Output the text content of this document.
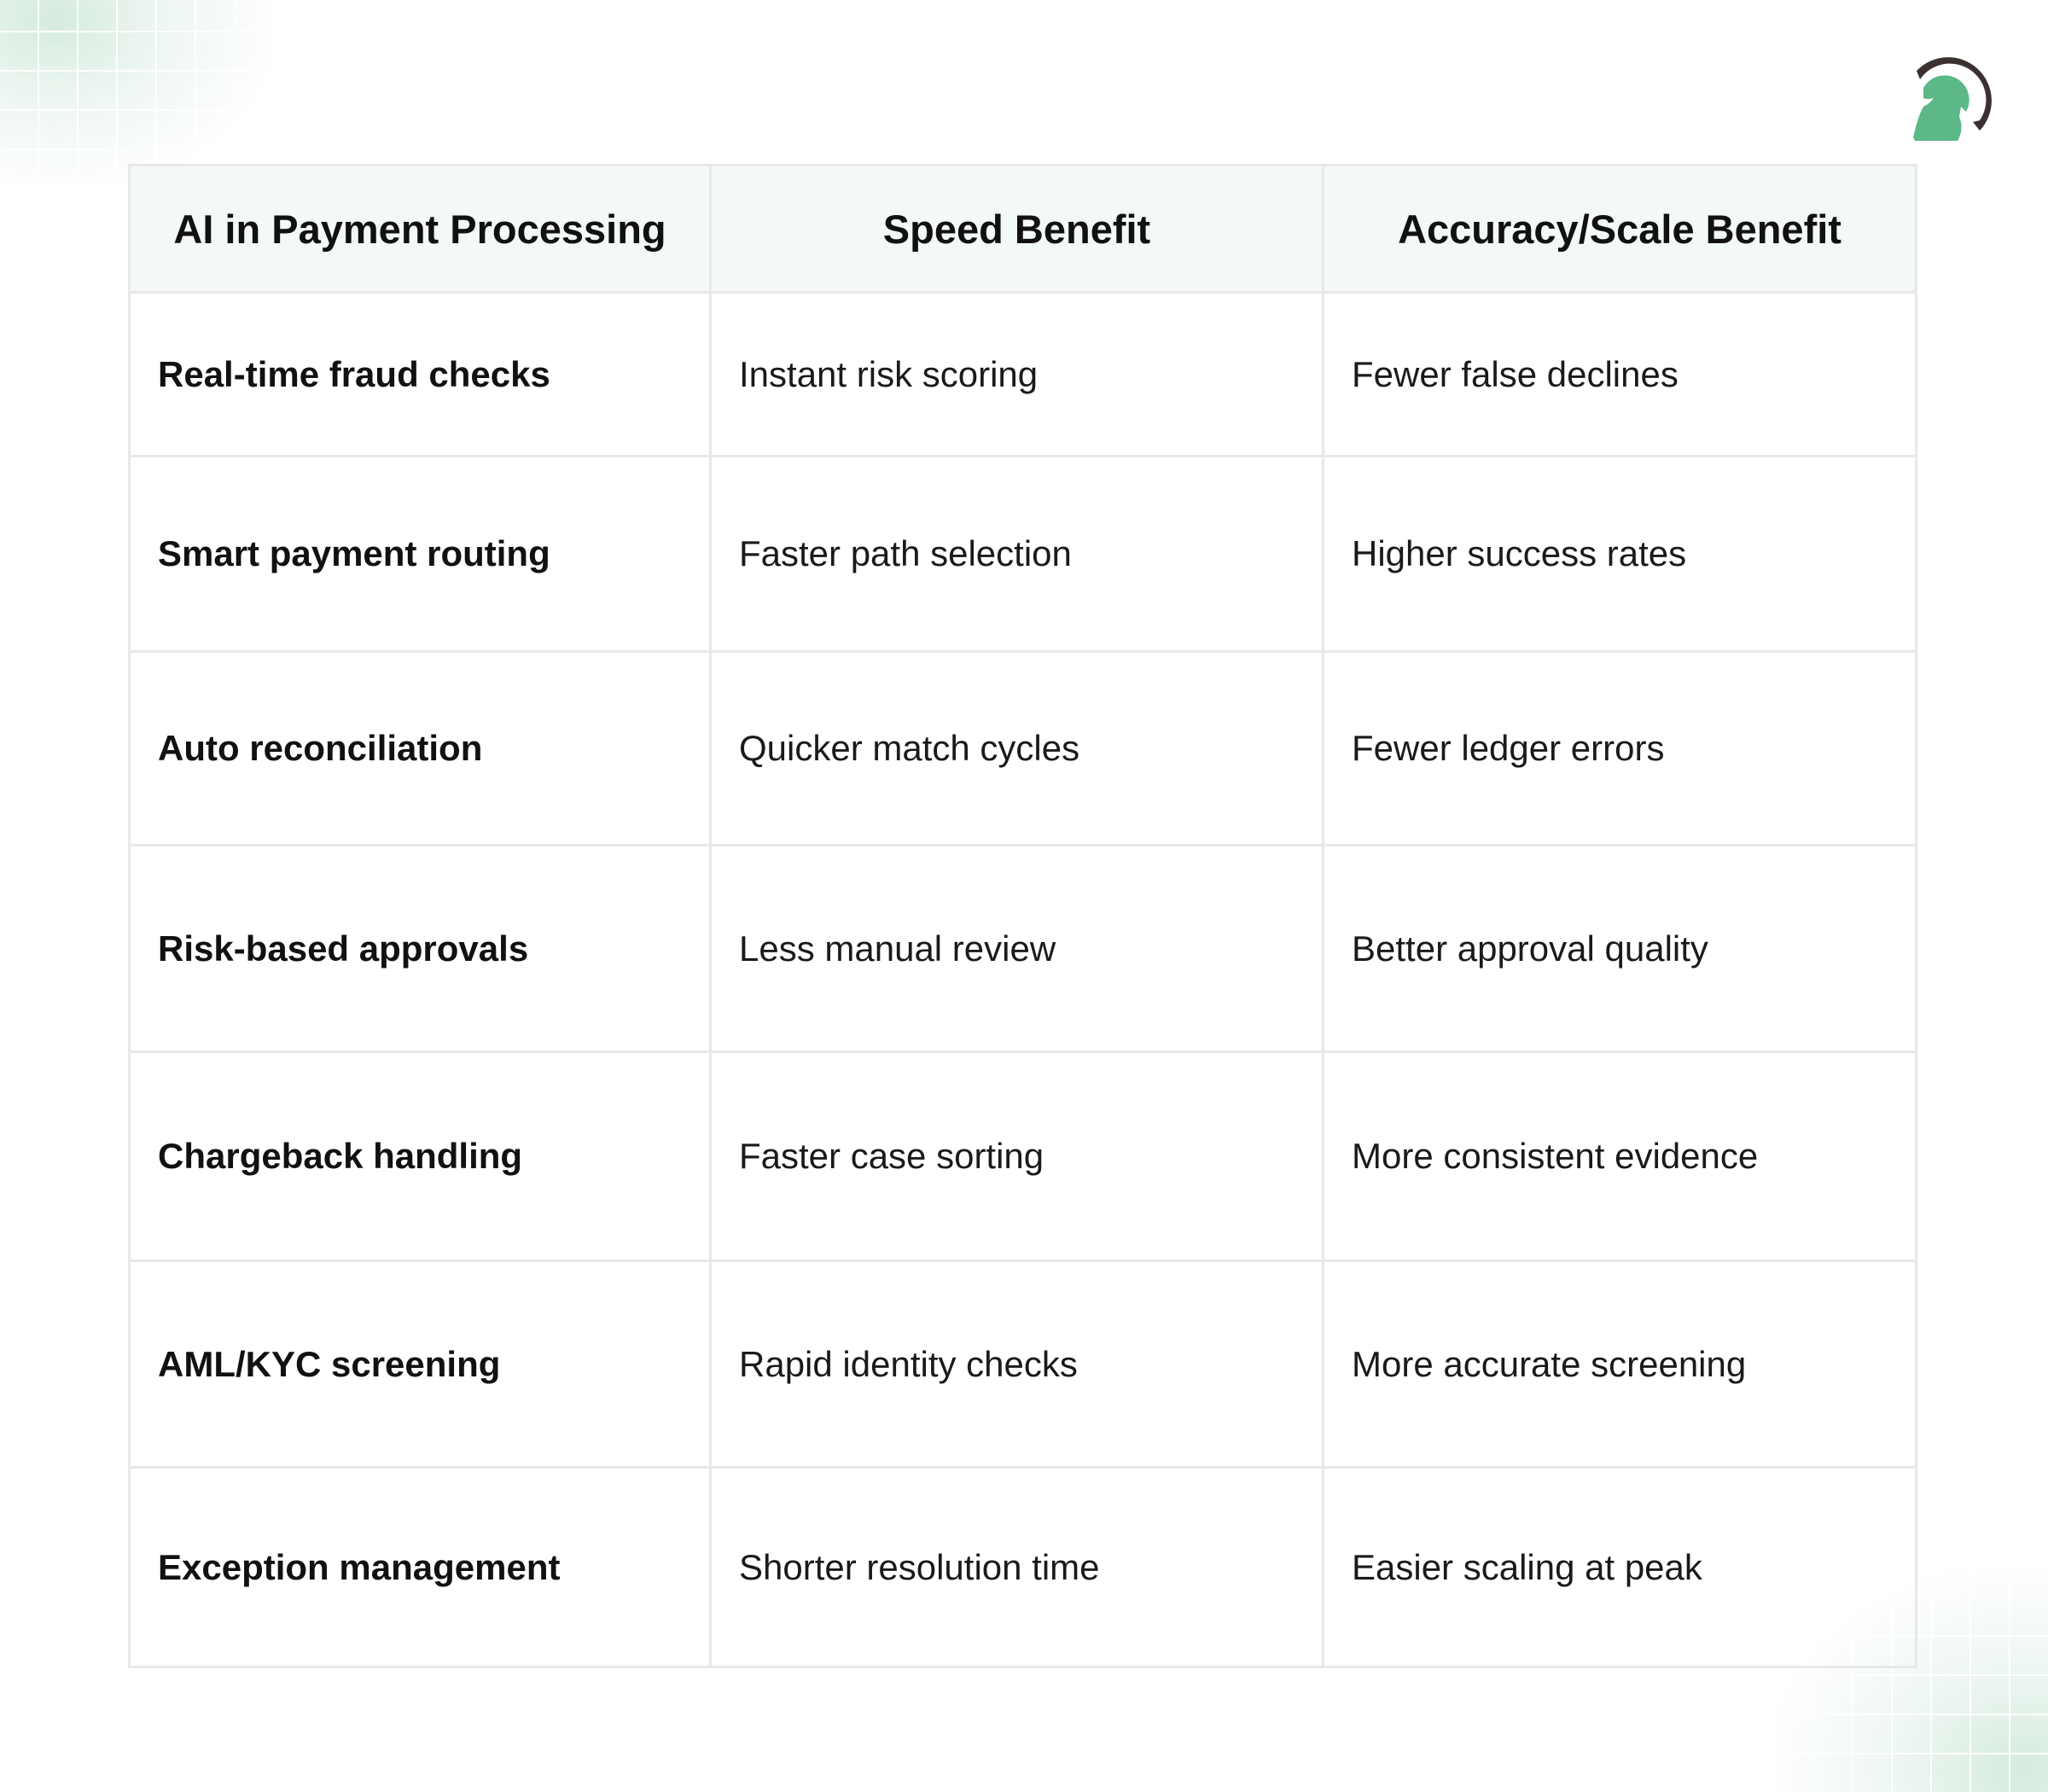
AI in Payment Processing	Speed Benefit	Accuracy/Scale Benefit
Real-time fraud checks	Instant risk scoring	Fewer false declines
Smart payment routing	Faster path selection	Higher success rates
Auto reconciliation	Quicker match cycles	Fewer ledger errors
Risk-based approvals	Less manual review	Better approval quality
Chargeback handling	Faster case sorting	More consistent evidence
AML/KYC screening	Rapid identity checks	More accurate screening
Exception management	Shorter resolution time	Easier scaling at peak
